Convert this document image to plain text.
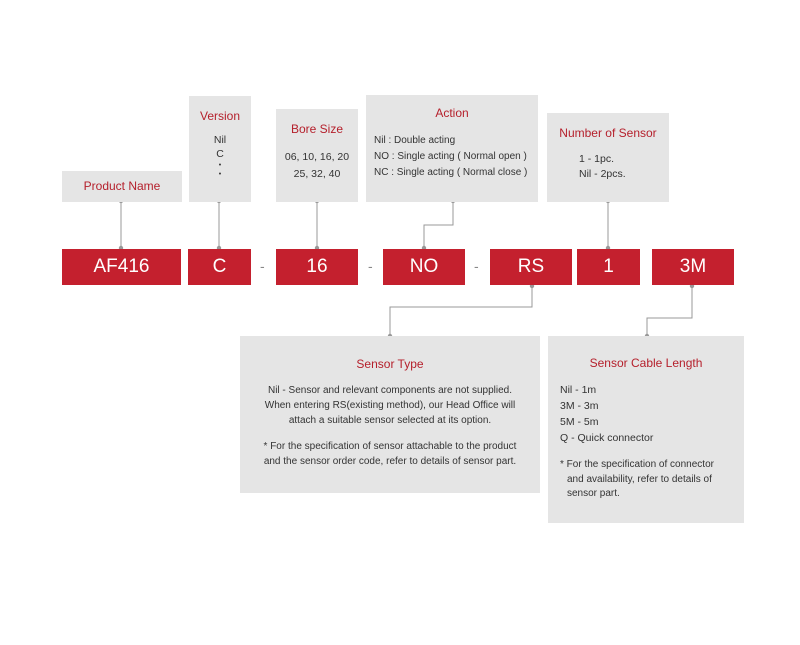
Product Name
Version
Nil
C
•
•
Bore Size
06, 10, 16, 20
25, 32, 40
Action
Nil : Double acting
NO : Single acting ( Normal open )
NC : Single acting ( Normal close )
Number of Sensor
1 - 1pc.
Nil - 2pcs.
AF416	C	-	16	-	NO	-	RS	1	3M
Sensor Type
Nil - Sensor and relevant components are not supplied.
When entering RS(existing method), our Head Office will
attach a suitable sensor selected at its option.
* For the specification of sensor attachable to the product
and the sensor order code, refer to details of sensor part.
Sensor Cable Length
Nil - 1m
3M - 3m
5M - 5m
Q - Quick connector
* For the specification of connector
and availability, refer to details of
sensor part.
